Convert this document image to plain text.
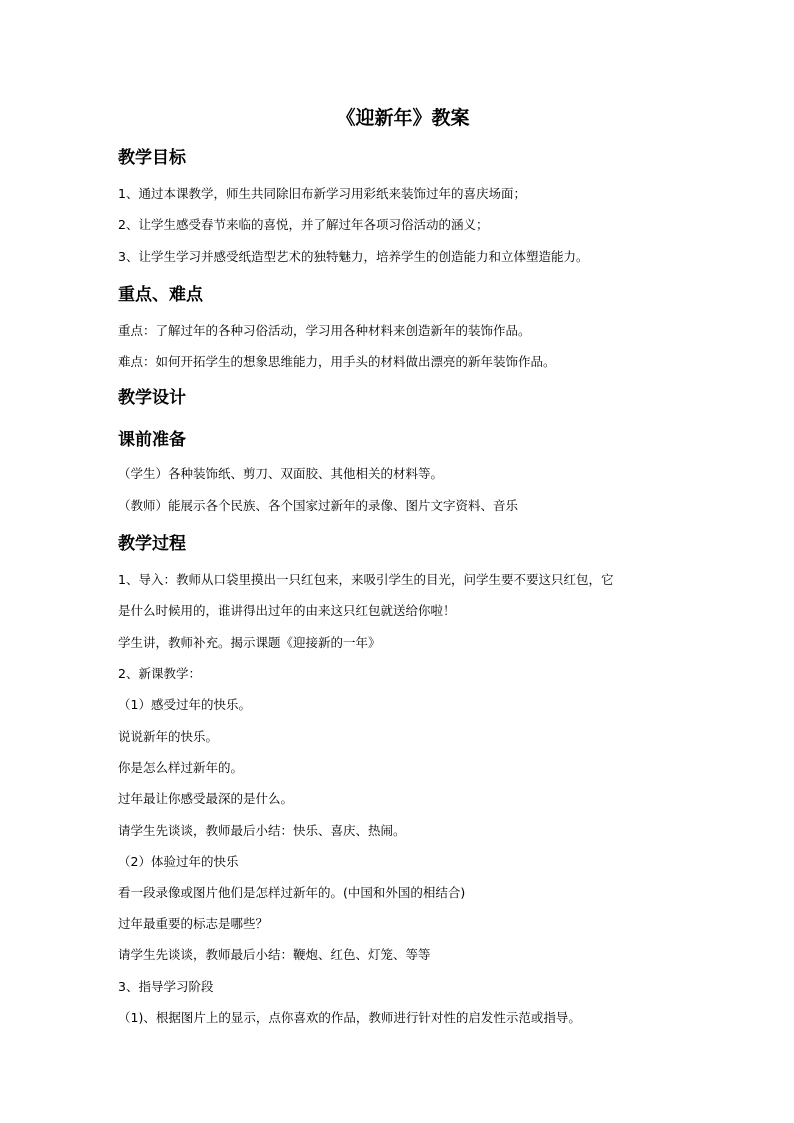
《迎新年》教案
教学目标
1、通过本课教学，师生共同除旧布新学习用彩纸来装饰过年的喜庆场面；
2、让学生感受春节来临的喜悦，并了解过年各项习俗活动的涵义；
3、让学生学习并感受纸造型艺术的独特魅力，培养学生的创造能力和立体塑造能力。
重点、难点
重点：了解过年的各种习俗活动，学习用各种材料来创造新年的装饰作品。
难点：如何开拓学生的想象思维能力，用手头的材料做出漂亮的新年装饰作品。
教学设计
课前准备
（学生）各种装饰纸、剪刀、双面胶、其他相关的材料等。
（教师）能展示各个民族、各个国家过新年的录像、图片文字资料、音乐
教学过程
1、导入：教师从口袋里摸出一只红包来，来吸引学生的目光，问学生要不要这只红包，它
是什么时候用的，谁讲得出过年的由来这只红包就送给你啦！
学生讲，教师补充。揭示课题《迎接新的一年》
2、新课教学：
（1）感受过年的快乐。
说说新年的快乐。
你是怎么样过新年的。
过年最让你感受最深的是什么。
请学生先谈谈，教师最后小结：快乐、喜庆、热闹。
（2）体验过年的快乐
看一段录像或图片他们是怎样过新年的。(中国和外国的相结合)
过年最重要的标志是哪些？
请学生先谈谈，教师最后小结：鞭炮、红色、灯笼、等等
3、指导学习阶段
（1)、根据图片上的显示，点你喜欢的作品，教师进行针对性的启发性示范或指导。
